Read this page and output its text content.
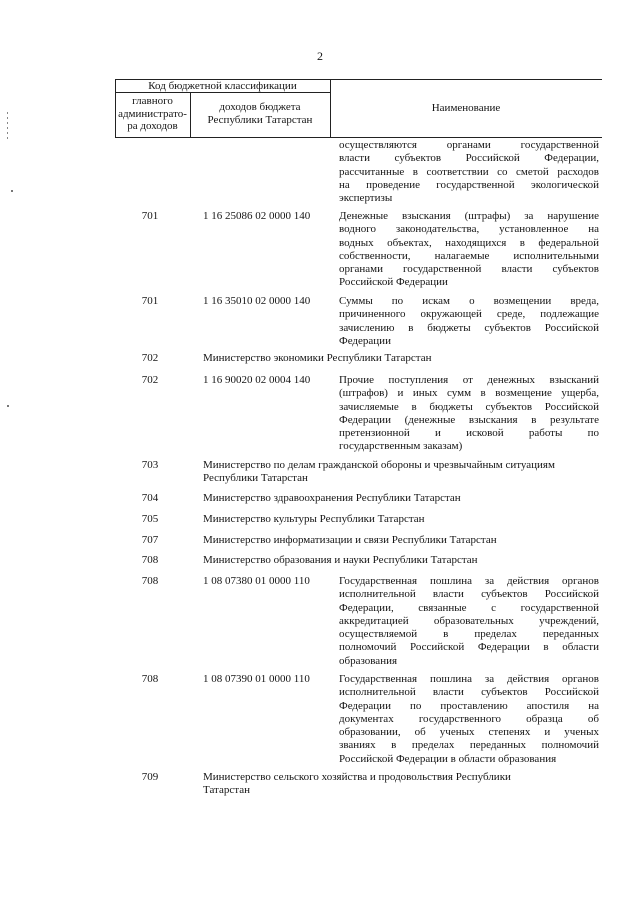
2
Код бюджетной классификации
главного
администрато-
ра доходов
доходов бюджета
Республики Татарстан
Наименование
осуществляются органами государственной
власти субъектов Российской Федерации,
рассчитанные в соответствии со сметой расходов
на проведение государственной экологической
экспертизы
701	1 16 25086 02 0000 140	Денежные взыскания (штрафы) за нарушение
водного законодательства, установленное на
водных объектах, находящихся в федеральной
собственности, налагаемые исполнительными
органами государственной власти субъектов
Российской Федерации
701	1 16 35010 02 0000 140	Суммы по искам о возмещении вреда,
причиненного окружающей среде, подлежащие
зачислению в бюджеты субъектов Российской
Федерации
702	Министерство экономики Республики Татарстан
702	1 16 90020 02 0004 140	Прочие поступления от денежных взысканий
(штрафов) и иных сумм в возмещение ущерба,
зачисляемые в бюджеты субъектов Российской
Федерации (денежные взыскания в результате
претензионной и исковой работы по
государственным заказам)
703	Министерство по делам гражданской обороны и чрезвычайным ситуациям
Республики Татарстан
704	Министерство здравоохранения Республики Татарстан
705	Министерство культуры Республики Татарстан
707	Министерство информатизации и связи Республики Татарстан
708	Министерство образования и науки Республики Татарстан
708	1 08 07380 01 0000 110	Государственная пошлина за действия органов
исполнительной власти субъектов Российской
Федерации, связанные с государственной
аккредитацией образовательных учреждений,
осуществляемой в пределах переданных
полномочий Российской Федерации в области
образования
708	1 08 07390 01 0000 110	Государственная пошлина за действия органов
исполнительной власти субъектов Российской
Федерации по проставлению апостиля на
документах государственного образца об
образовании, об ученых степенях и ученых
званиях в пределах переданных полномочий
Российской Федерации в области образования
709	Министерство сельского хозяйства и продовольствия Республики
Татарстан
